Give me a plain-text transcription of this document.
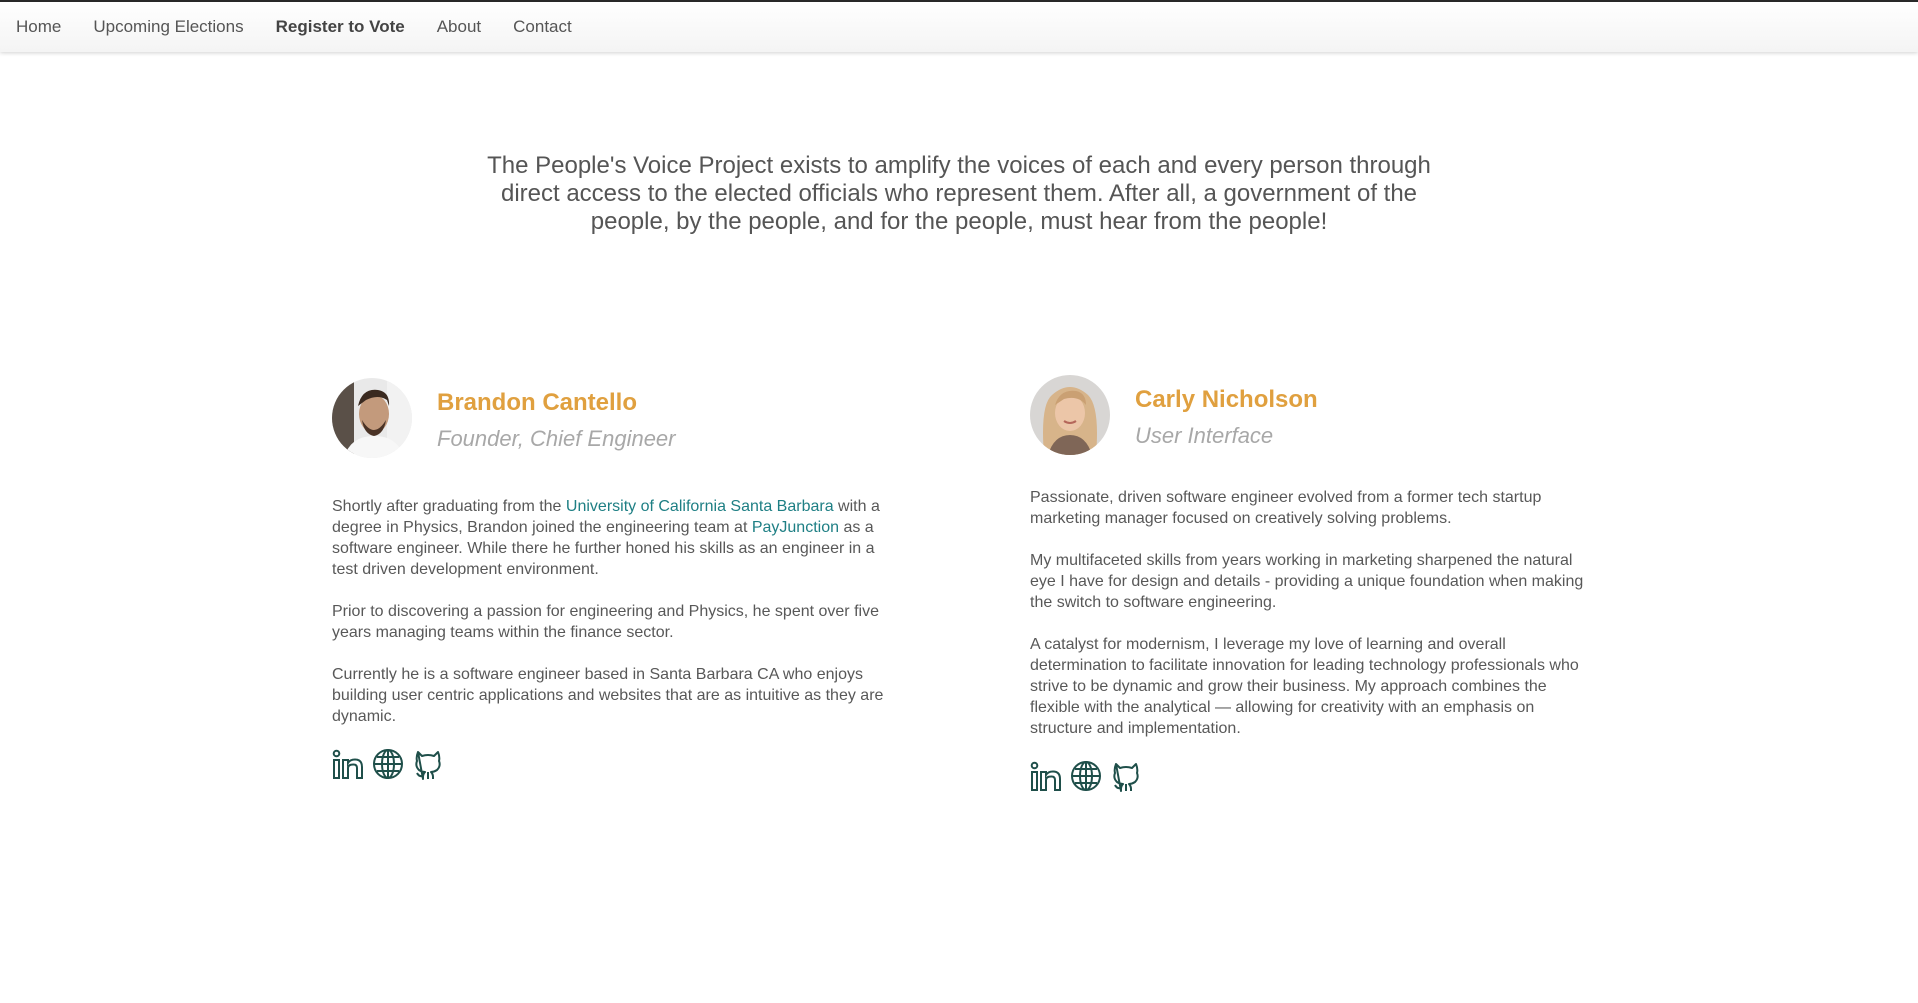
Home Upcoming Elections Register to Vote About Contact
The People's Voice Project exists to amplify the voices of each and every person through direct access to the elected officials who represent them. After all, a government of the people, by the people, and for the people, must hear from the people!
Brandon Cantello
Founder, Chief Engineer

Shortly after graduating from the University of California Santa Barbara with a degree in Physics, Brandon joined the engineering team at PayJunction as a software engineer. While there he further honed his skills as an engineer in a test driven development environment.

Prior to discovering a passion for engineering and Physics, he spent over five years managing teams within the finance sector.

Currently he is a software engineer based in Santa Barbara CA who enjoys building user centric applications and websites that are as intuitive as they are dynamic.

Carly Nicholson
User Interface

Passionate, driven software engineer evolved from a former tech startup marketing manager focused on creatively solving problems.

My multifaceted skills from years working in marketing sharpened the natural eye I have for design and details - providing a unique foundation when making the switch to software engineering.

A catalyst for modernism, I leverage my love of learning and overall determination to facilitate innovation for leading technology professionals who strive to be dynamic and grow their business. My approach combines the flexible with the analytical — allowing for creativity with an emphasis on structure and implementation.
